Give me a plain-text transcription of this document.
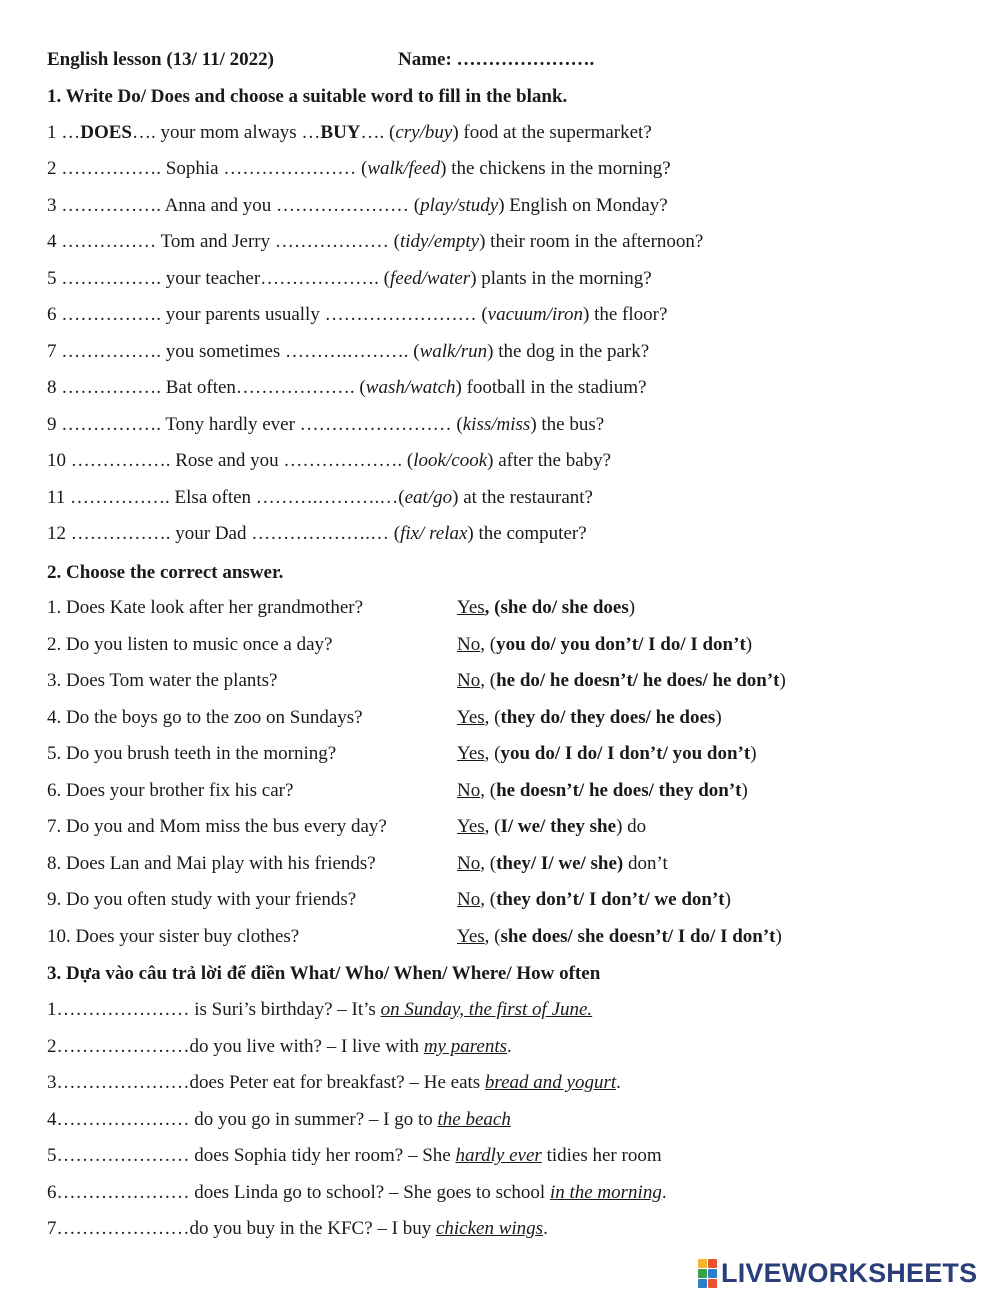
English lesson (13/ 11/ 2022)	Name: ………………….
1. Write Do/ Does and choose a suitable word to fill in the blank.
1 …DOES…. your mom always …BUY…. (cry/buy) food at the supermarket?
2 ……………. Sophia ………………… (walk/feed) the chickens in the morning?
3 ……………. Anna and you ………………… (play/study) English on Monday?
4 …………… Tom and Jerry ……………… (tidy/empty) their room in the afternoon?
5 ……………. your teacher………………. (feed/water) plants in the morning?
6 ……………. your parents usually …………………… (vacuum/iron) the floor?
7 ……………. you sometimes ……….………. (walk/run) the dog in the park?
8 ……………. Bat often………………. (wash/watch) football in the stadium?
9 ……………. Tony hardly ever …………………… (kiss/miss) the bus?
10 ……………. Rose and you ………………. (look/cook) after the baby?
11 ……………. Elsa often ……….……….…(eat/go) at the restaurant?
12 ……………. your Dad ……………….… (fix/ relax) the computer?
2. Choose the correct answer.
1. Does Kate look after her grandmother?	Yes, (she do/ she does)
2. Do you listen to music once a day?	No, (you do/ you don’t/ I do/ I don’t)
3. Does Tom water the plants?	No, (he do/ he doesn’t/ he does/ he don’t)
4. Do the boys go to the zoo on Sundays?	Yes, (they do/ they does/ he does)
5. Do you brush teeth in the morning?	Yes, (you do/ I do/ I don’t/ you don’t)
6. Does your brother fix his car?	No, (he doesn’t/ he does/ they don’t)
7. Do you and Mom miss the bus every day?	Yes, (I/ we/ they she) do
8. Does Lan and Mai play with his friends?	No, (they/ I/ we/ she) don’t
9. Do you often study with your friends?	No, (they don’t/ I don’t/ we don’t)
10. Does your sister buy clothes?	Yes, (she does/ she doesn’t/ I do/ I don’t)
3. Dựa vào câu trả lời để điền What/ Who/ When/ Where/ How often
1………………… is Suri’s birthday? – It’s on Sunday, the first of June.
2…………………do you live with? – I live with my parents.
3…………………does Peter eat for breakfast? – He eats bread and yogurt.
4………………… do you go in summer? – I go to the beach
5………………… does Sophia tidy her room? – She hardly ever tidies her room
6………………… does Linda go to school? – She goes to school in the morning.
7…………………do you buy in the KFC? – I buy chicken wings.
LIVEWORKSHEETS
